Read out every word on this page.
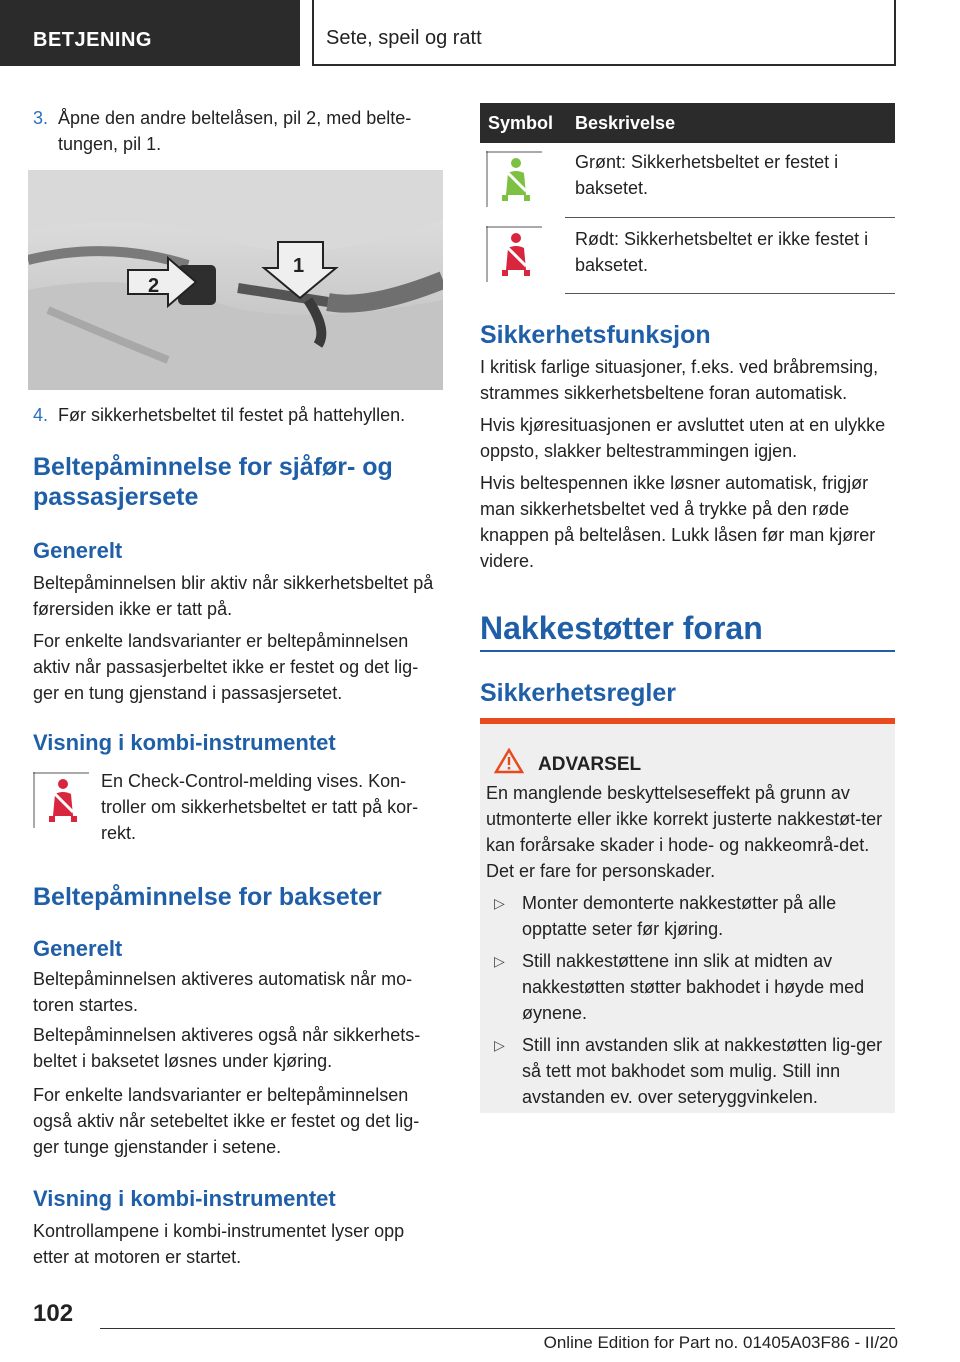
BETJENING	Sete, speil og ratt
3. Åpne den andre beltelåsen, pil 2, med belte-tungen, pil 1.
2
1
4. Før sikkerhetsbeltet til festet på hattehyllen.
Beltepåminnelse for sjåfør- og passasjersete
Generelt
Beltepåminnelsen blir aktiv når sikkerhetsbeltet på førersiden ikke er tatt på.
For enkelte landsvarianter er beltepåminnelsen aktiv når passasjerbeltet ikke er festet og det lig-ger en tung gjenstand i passasjersetet.
Visning i kombi-instrumentet
En Check-Control-melding vises. Kon-troller om sikkerhetsbeltet er tatt på kor-rekt.
Beltepåminnelse for bakseter
Generelt
Beltepåminnelsen aktiveres automatisk når mo-toren startes.
Beltepåminnelsen aktiveres også når sikkerhets-beltet i baksetet løsnes under kjøring.
For enkelte landsvarianter er beltepåminnelsen også aktiv når setebeltet ikke er festet og det lig-ger tunge gjenstander i setene.
Visning i kombi-instrumentet
Kontrollampene i kombi-instrumentet lyser opp etter at motoren er startet.
Symbol Beskrivelse
Grønt: Sikkerhetsbeltet er festet i baksetet.
Rødt: Sikkerhetsbeltet er ikke festet i baksetet.
Sikkerhetsfunksjon
I kritisk farlige situasjoner, f.eks. ved bråbremsing, strammes sikkerhetsbeltene foran automatisk.
Hvis kjøresituasjonen er avsluttet uten at en ulykke oppsto, slakker beltestrammingen igjen.
Hvis beltespennen ikke løsner automatisk, frigjør man sikkerhetsbeltet ved å trykke på den røde knappen på beltelåsen. Lukk låsen før man kjører videre.
Nakkestøtter foran
Sikkerhetsregler
ADVARSEL
En manglende beskyttelseseffekt på grunn av utmonterte eller ikke korrekt justerte nakkestøt-ter kan forårsake skader i hode- og nakkeområ-det. Det er fare for personskader.
▷ Monter demonterte nakkestøtter på alle opptatte seter før kjøring.
▷ Still nakkestøttene inn slik at midten av nakkestøtten støtter bakhodet i høyde med øynene.
▷ Still inn avstanden slik at nakkestøtten lig-ger så tett mot bakhodet som mulig. Still inn avstanden ev. over seteryggvinkelen.
102
Online Edition for Part no. 01405A03F86 - II/20
